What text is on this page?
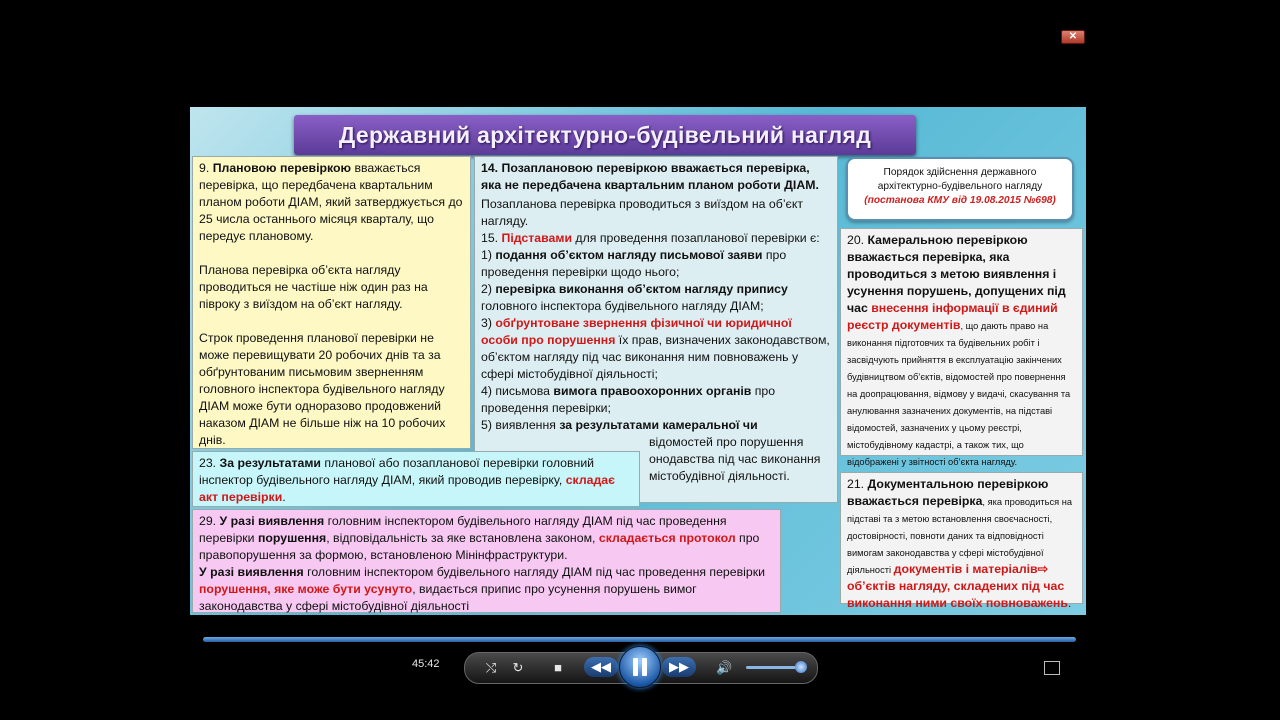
✕
Державний архітектурно-будівельний нагляд

9. Плановою перевіркою вважається перевірка, що передбачена квартальним планом роботи ДІАМ, який затверджується до 25 числа останнього місяця кварталу, що передує плановому.

Планова перевірка об’єкта нагляду проводиться не частіше ніж один раз на півроку з виїздом на об’єкт нагляду.

Строк проведення планової перевірки не може перевищувати 20 робочих днів та за обґрунтованим письмовим зверненням головного інспектора будівельного нагляду ДІАМ може бути одноразово продовжений наказом ДІАМ не більше ніж на 10 робочих днів.

14. Позаплановою перевіркою вважається перевірка, яка не передбачена квартальним планом роботи ДІАМ.

Позапланова перевірка проводиться з виїздом на об’єкт нагляду.

15. Підставами для проведення позапланової перевірки є:

1) подання об’єктом нагляду письмової заяви про проведення перевірки щодо нього;

2) перевірка виконання об’єктом нагляду припису головного інспектора будівельного нагляду ДІАМ;

3) обґрунтоване звернення фізичної чи юридичної особи про порушення їх прав, визначених законодавством, об’єктом нагляду під час виконання ним повноважень у сфері містобудівної діяльності;

4) письмова вимога правоохоронних органів про проведення перевірки;

5) виявлення за результатами камеральної чи

відомостей про порушення

онодавства під час виконання

містобудівної діяльності.

Порядок здійснення державного
архітектурно-будівельного нагляду
(постанова КМУ від 19.08.2015 №698)
20. Камеральною перевіркою вважається перевірка, яка проводиться з метою виявлення і усунення порушень, допущених під час внесення інформації в єдиний реєстр документів, що дають право на виконання підготовчих та будівельних робіт і засвідчують прийняття в експлуатацію закінчених будівництвом об’єктів, відомостей про повернення на доопрацювання, відмову у видачі, скасування та анулювання зазначених документів, на підставі відомостей, зазначених у цьому реєстрі, містобудівному кадастрі, а також тих, що відображені у звітності об’єкта нагляду.
23. За результатами планової або позапланової перевірки головний інспектор будівельного нагляду ДІАМ, який проводив перевірку, складає акт перевірки.
29. У разі виявлення головним інспектором будівельного нагляду ДІАМ під час проведення перевірки порушення, відповідальність за яке встановлена законом, складається протокол про правопорушення за формою, встановленою Мінінфраструктури.
У разі виявлення головним інспектором будівельного нагляду ДІАМ під час проведення перевірки порушення, яке може бути усунуто, видається припис про усунення порушень вимог законодавства у сфері містобудівної діяльності
21. Документальною перевіркою вважається перевірка, яка проводиться на підставі та з метою встановлення своєчасності, достовірності, повноти даних та відповідності вимогам законодавства у сфері містобудівної діяльності документів і матеріалів⇨ об’єктів нагляду, складених під час виконання ними своїх повноважень.
45:42	⤭ ↻ ■	◀◀	▶▶	🔊
